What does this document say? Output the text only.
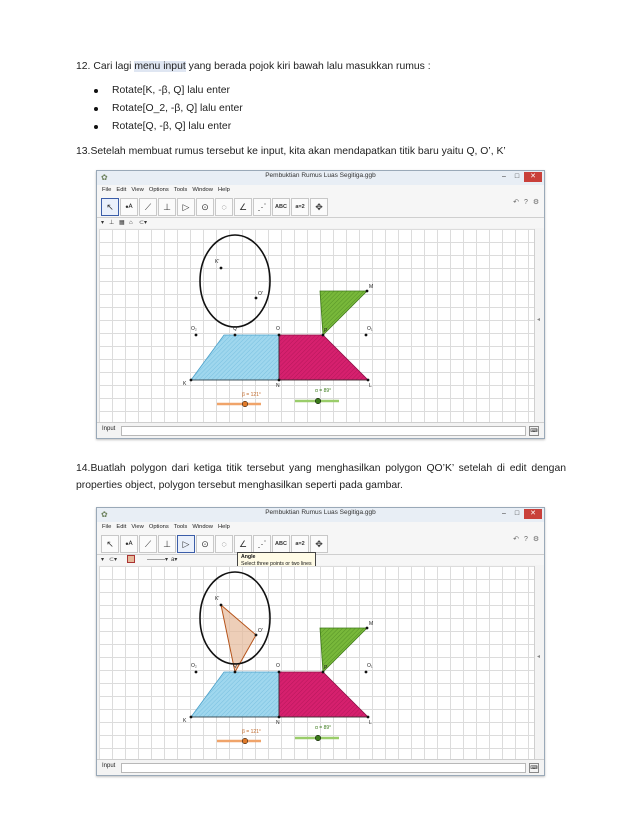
12. Cari lagi menu input yang berada pojok kiri bawah lalu masukkan rumus :
Rotate[K, -β, Q] lalu enter
Rotate[O_2, -β, Q] lalu enter
Rotate[Q, -β, Q] lalu enter
13.Setelah membuat rumus tersebut ke input, kita akan mendapatkan titik baru yaitu Q, O’, K’
✿	Pembuktian Rumus Luas Segitiga.ggb	–	□	✕
File Edit View Options Tools Window Help
↖	•ᴬ	⟋	⊥	▷	⊙	◌	∠	⋰	ABC	a=2	✥	↶ ? ⚙
▾ ⊥ ▦ ⌂ ⊂▾
K'
O'
O₂	Q	O	O₁
M
P
N	L
K
β = 121°
α = 89°
◂
Input	⌨
14.Buatlah polygon dari ketiga titik tersebut yang menghasilkan polygon QO’K’ setelah di edit dengan properties object, polygon tersebut menghasilkan seperti pada gambar.
✿	Pembuktian Rumus Luas Segitiga.ggb	–	□	✕
File Edit View Options Tools Window Help
↖	•ᴬ	⟋	⊥	▷	⊙	◌	∠	⋰	ABC	a=2	✥	↶ ? ⚙
▾ ⊂▾	———▾ a▾	Angle
Select three points or two lines
K'
O'
O₂	Q	O	O₁
M
P
N	L
K
β = 121°
α = 89°
◂
Input	⌨
